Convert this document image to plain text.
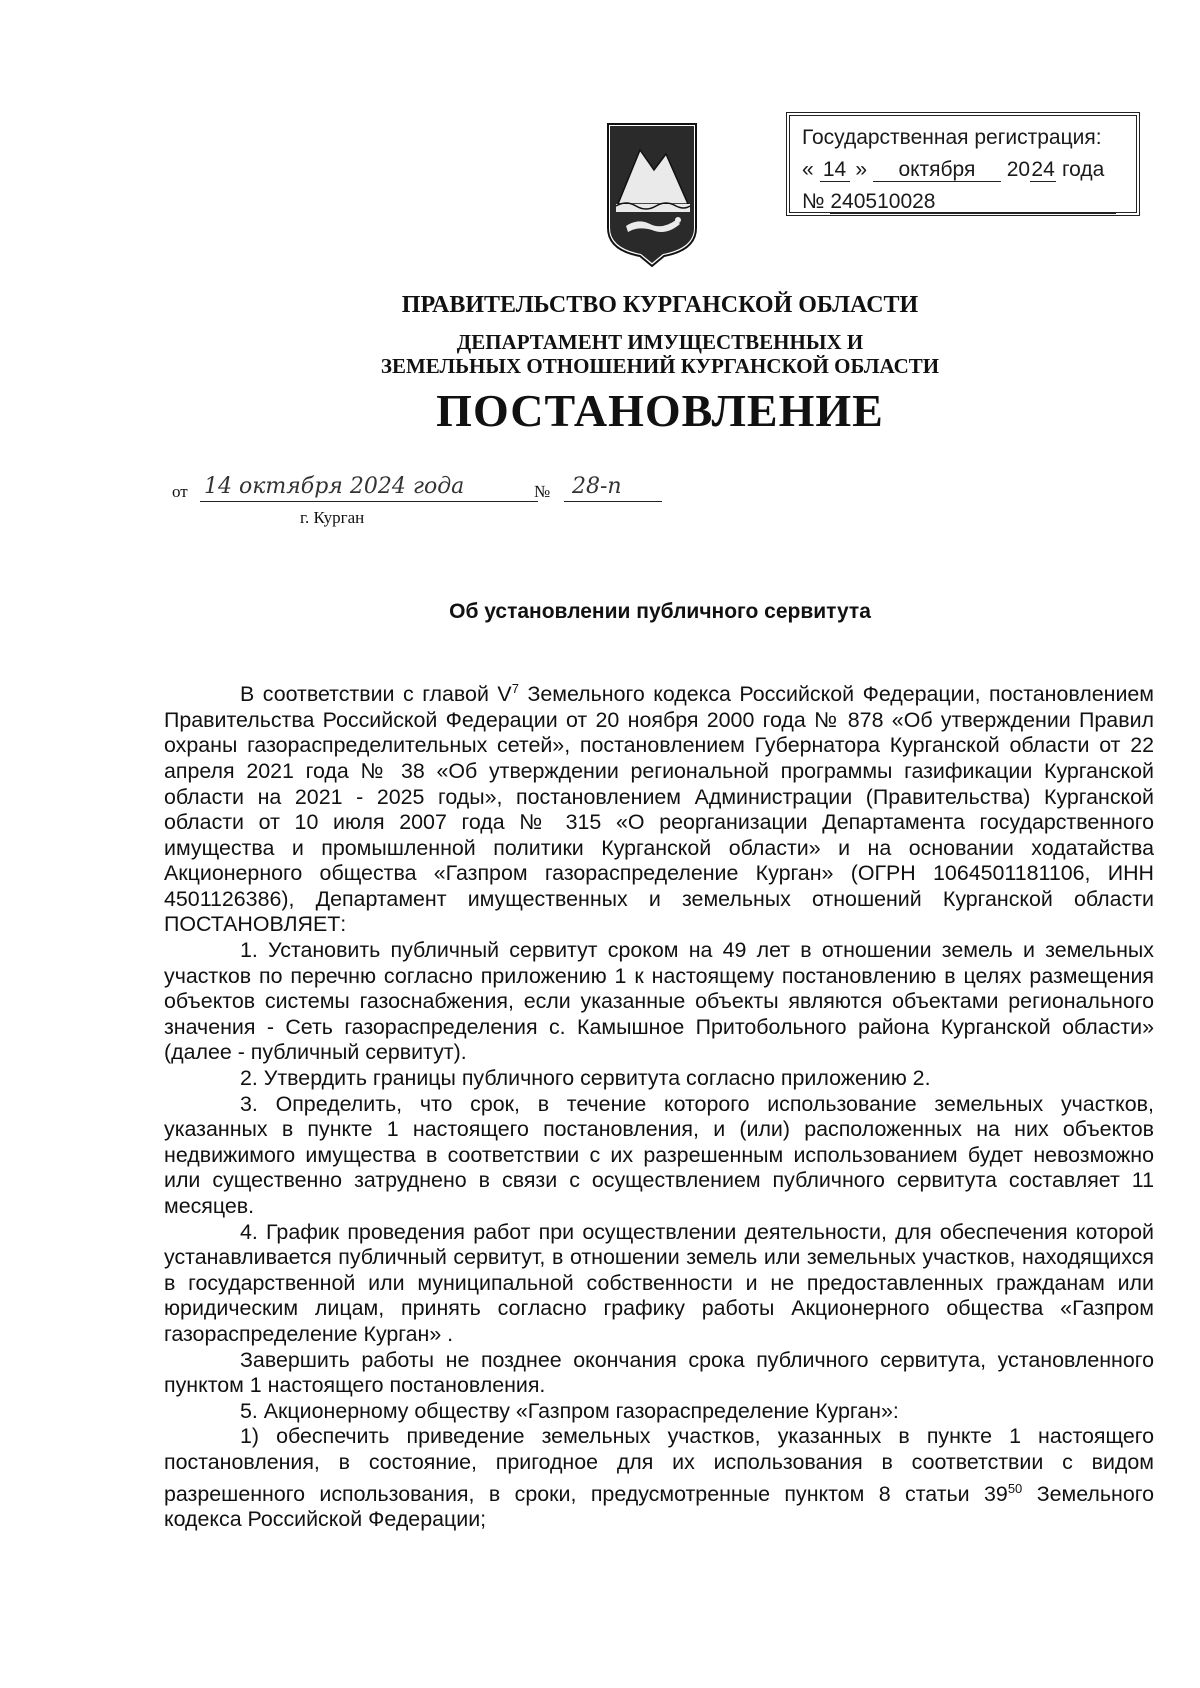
Государственная регистрация:
« 14 » октября 2024 года
№ 240510028
ПРАВИТЕЛЬСТВО КУРГАНСКОЙ ОБЛАСТИ
ДЕПАРТАМЕНТ ИМУЩЕСТВЕННЫХ И
ЗЕМЕЛЬНЫХ ОТНОШЕНИЙ КУРГАНСКОЙ ОБЛАСТИ
ПОСТАНОВЛЕНИЕ
от 14 октября 2024 года	№ 28-п
г. Курган
Об установлении публичного сервитута

В соответствии с главой $V^7$ Земельного кодекса Российской Федерации, постановлением Правительства Российской Федерации от 20 ноября 2000 года № 878 «Об утверждении Правил охраны газораспределительных сетей», постановлением Губернатора Курганской области от 22 апреля 2021 года № 38 «Об утверждении региональной программы газификации Курганской области на 2021 - 2025 годы», постановлением Администрации (Правительства) Курганской области от 10 июля 2007 года № 315 «О реорганизации Департамента государственного имущества и промышленной политики Курганской области» и на основании ходатайства Акционерного общества «Газпром газораспределение Курган» (ОГРН 1064501181106, ИНН 4501126386), Департамент имущественных и земельных отношений Курганской области ПОСТАНОВЛЯЕТ:

1. Установить публичный сервитут сроком на 49 лет в отношении земель и земельных участков по перечню согласно приложению 1 к настоящему постановлению в целях размещения объектов системы газоснабжения, если указанные объекты являются объектами регионального значения - Сеть газораспределения с. Камышное Притобольного района Курганской области» (далее - публичный сервитут).

2. Утвердить границы публичного сервитута согласно приложению 2.

3. Определить, что срок, в течение которого использование земельных участков, указанных в пункте 1 настоящего постановления, и (или) расположенных на них объектов недвижимого имущества в соответствии с их разрешенным использованием будет невозможно или существенно затруднено в связи с осуществлением публичного сервитута составляет 11 месяцев.

4. График проведения работ при осуществлении деятельности, для обеспечения которой устанавливается публичный сервитут, в отношении земель или земельных участков, находящихся в государственной или муниципальной собственности и не предоставленных гражданам или юридическим лицам, принять согласно графику работы Акционерного общества «Газпром газораспределение Курган» .

Завершить работы не позднее окончания срока публичного сервитута, установленного пунктом 1 настоящего постановления.

5. Акционерному обществу «Газпром газораспределение Курган»:

1) обеспечить приведение земельных участков, указанных в пункте 1 настоящего постановления, в состояние, пригодное для их использования в соответствии с видом разрешенного использования, в сроки, предусмотренные пунктом 8 статьи $39^{50}$ Земельного кодекса Российской Федерации;
